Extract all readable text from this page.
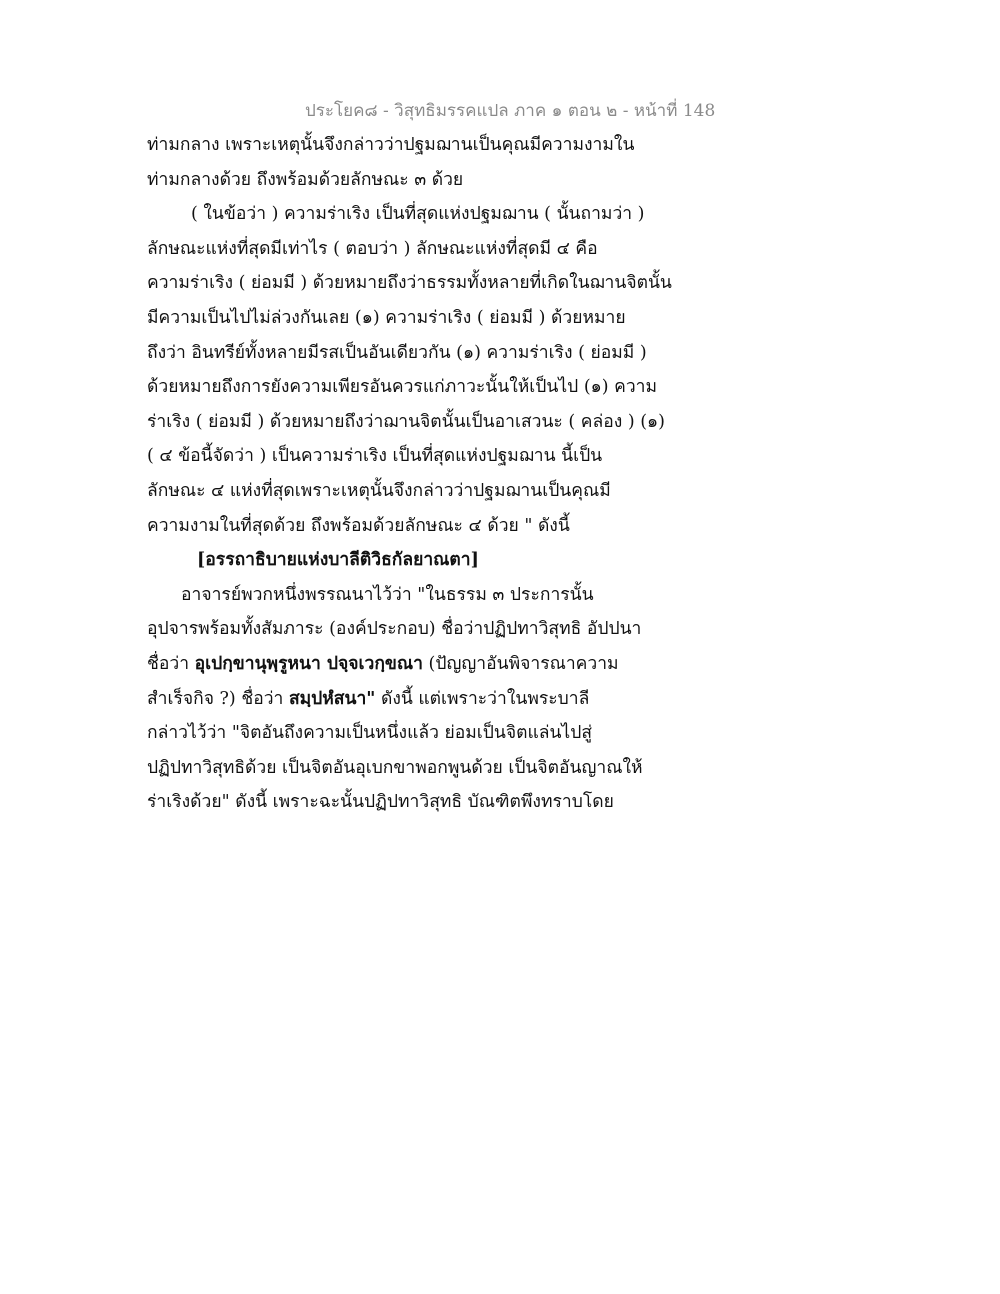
ประโยค๘ - วิสุทธิมรรคแปล ภาค ๑ ตอน ๒ - หน้าที่ 148
ท่ามกลาง เพราะเหตุนั้นจึงกล่าวว่าปฐมฌานเป็นคุณมีความงามใน
ท่ามกลางด้วย ถึงพร้อมด้วยลักษณะ ๓ ด้วย
( ในข้อว่า ) ความร่าเริง เป็นที่สุดแห่งปฐมฌาน ( นั้นถามว่า )
ลักษณะแห่งที่สุดมีเท่าไร ( ตอบว่า ) ลักษณะแห่งที่สุดมี ๔ คือ
ความร่าเริง ( ย่อมมี ) ด้วยหมายถึงว่าธรรมทั้งหลายที่เกิดในฌานจิตนั้น
มีความเป็นไปไม่ล่วงกันเลย (๑) ความร่าเริง ( ย่อมมี ) ด้วยหมาย
ถึงว่า อินทรีย์ทั้งหลายมีรสเป็นอันเดียวกัน (๑) ความร่าเริง ( ย่อมมี )
ด้วยหมายถึงการยังความเพียรอันควรแก่ภาวะนั้นให้เป็นไป (๑) ความ
ร่าเริง ( ย่อมมี ) ด้วยหมายถึงว่าฌานจิตนั้นเป็นอาเสวนะ ( คล่อง ) (๑)
( ๔ ข้อนี้จัดว่า ) เป็นความร่าเริง เป็นที่สุดแห่งปฐมฌาน นี้เป็น
ลักษณะ ๔ แห่งที่สุดเพราะเหตุนั้นจึงกล่าวว่าปฐมฌานเป็นคุณมี
ความงามในที่สุดด้วย ถึงพร้อมด้วยลักษณะ ๔ ด้วย " ดังนี้
[อรรถาธิบายแห่งบาลีติวิธกัลยาณตา]
อาจารย์พวกหนึ่งพรรณนาไว้ว่า "ในธรรม ๓ ประการนั้น
อุปจารพร้อมทั้งสัมภาระ (องค์ประกอบ) ชื่อว่าปฏิปทาวิสุทธิ อัปปนา
ชื่อว่า อุเปกฺขานุพฺรูหนา ปจฺจเวกฺขณา (ปัญญาอันพิจารณาความ
สำเร็จกิจ ?) ชื่อว่า สมฺปหํสนา" ดังนี้ แต่เพราะว่าในพระบาลี
กล่าวไว้ว่า "จิตอันถึงความเป็นหนึ่งแล้ว ย่อมเป็นจิตแล่นไปสู่
ปฏิปทาวิสุทธิด้วย เป็นจิตอันอุเบกขาพอกพูนด้วย เป็นจิตอันญาณให้
ร่าเริงด้วย" ดังนี้ เพราะฉะนั้นปฏิปทาวิสุทธิ บัณฑิตพึงทราบโดย
